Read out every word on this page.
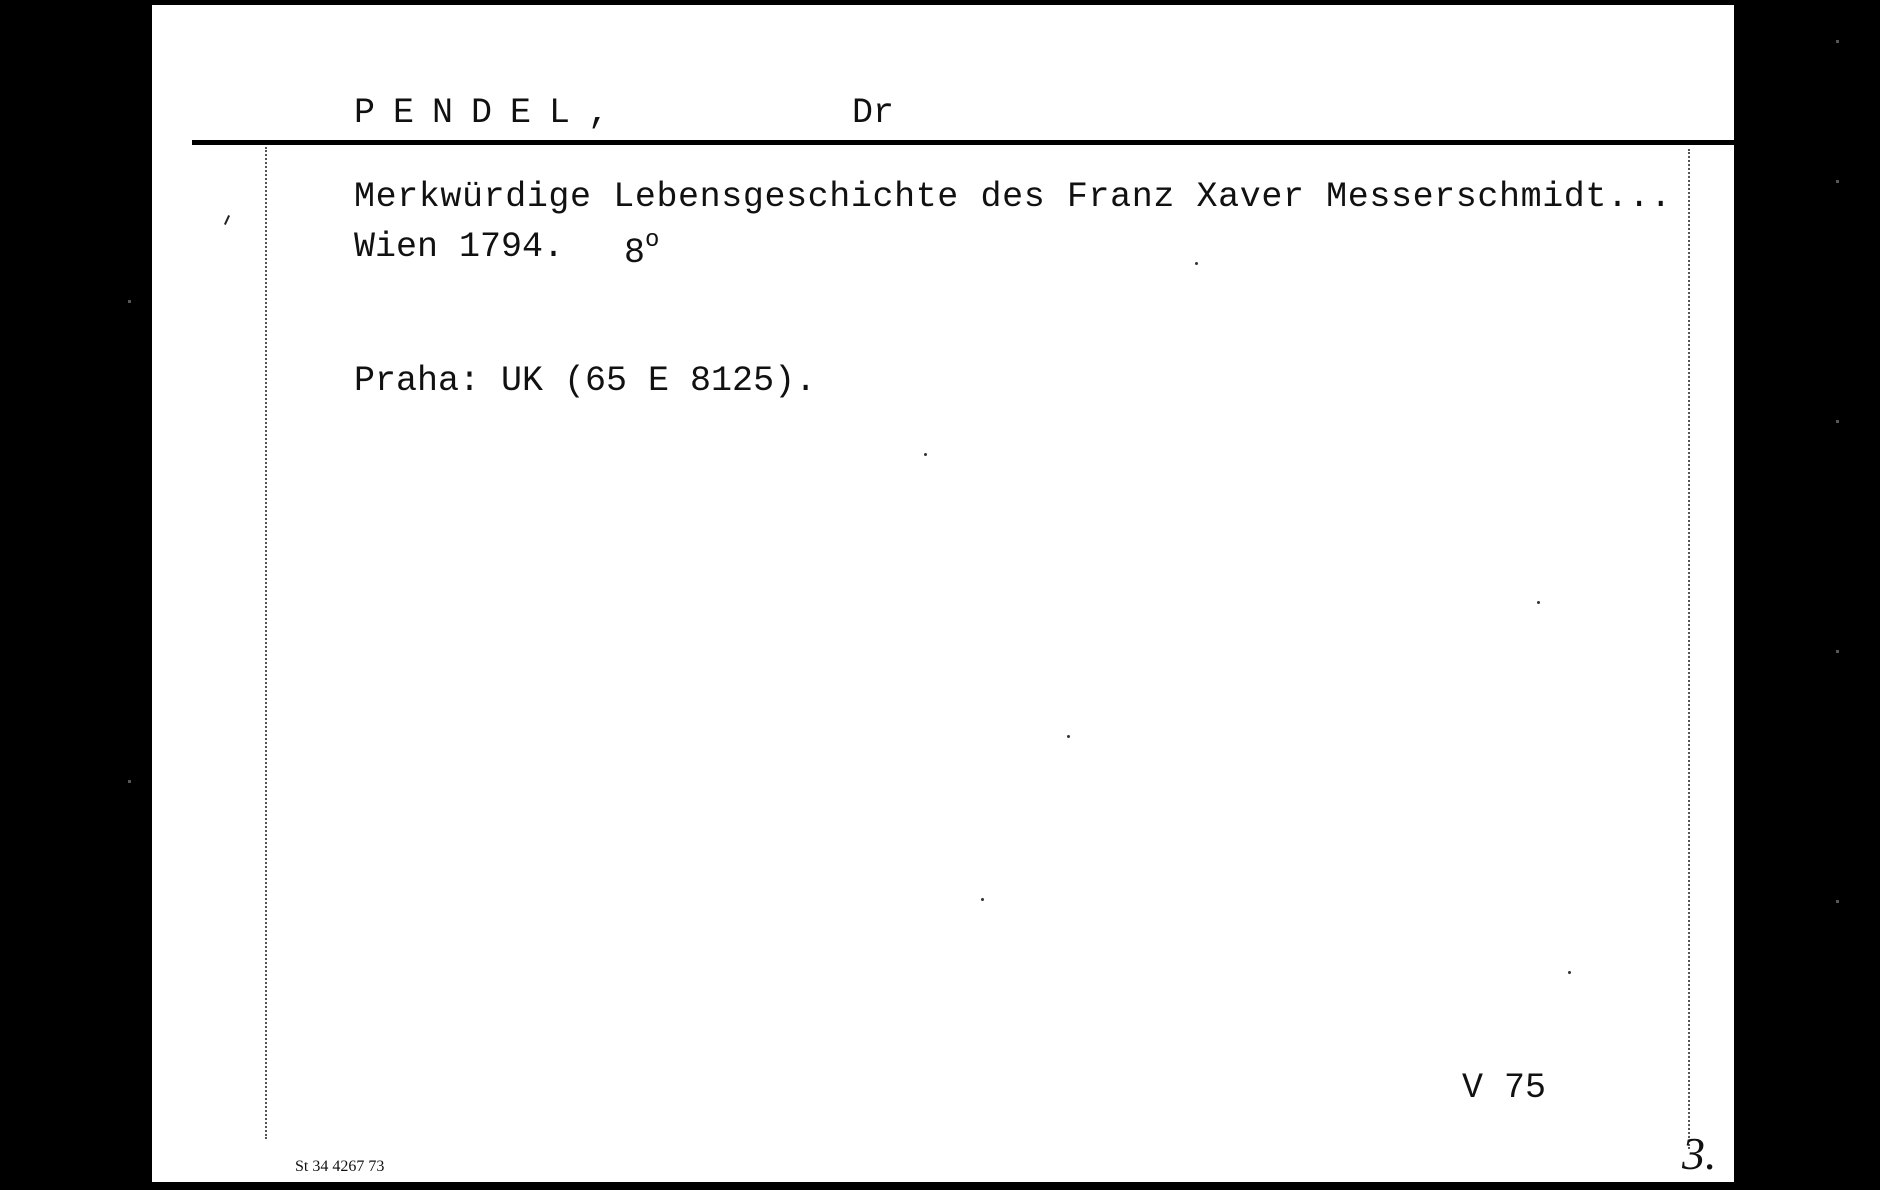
PENDEL,	Dr
Merkwürdige Lebensgeschichte des Franz Xaver Messerschmidt...
Wien 1794. 8$^o$
Praha: UK (65 E 8125).
V 75
St 34 4267 73	3.
